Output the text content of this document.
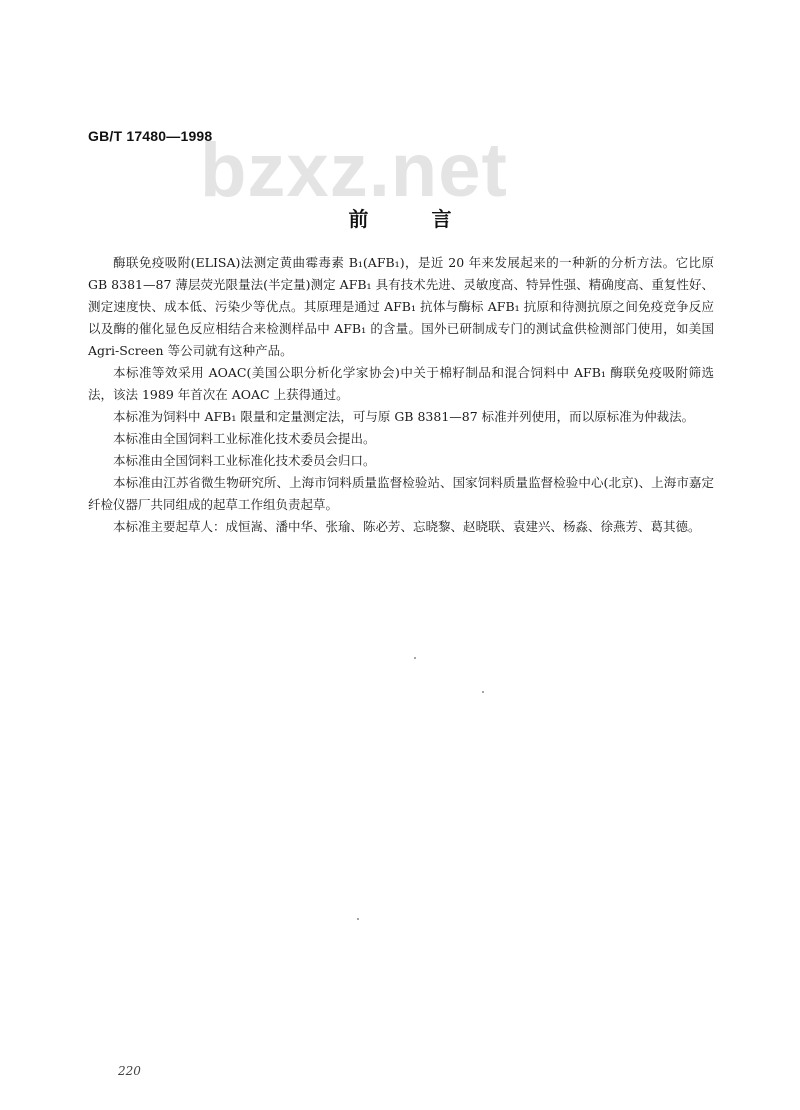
GB/T 17480—1998
bzxz.net
前 言

酶联免疫吸附(ELISA)法测定黄曲霉毒素 B₁(AFB₁)，是近 20 年来发展起来的一种新的分析方法。它比原 GB 8381—87 薄层荧光限量法(半定量)测定 AFB₁ 具有技术先进、灵敏度高、特异性强、精确度高、重复性好、测定速度快、成本低、污染少等优点。其原理是通过 AFB₁ 抗体与酶标 AFB₁ 抗原和待测抗原之间免疫竞争反应以及酶的催化显色反应相结合来检测样品中 AFB₁ 的含量。国外已研制成专门的测试盒供检测部门使用，如美国 Agri-Screen 等公司就有这种产品。

本标准等效采用 AOAC(美国公职分析化学家协会)中关于棉籽制品和混合饲料中 AFB₁ 酶联免疫吸附筛选法，该法 1989 年首次在 AOAC 上获得通过。

本标准为饲料中 AFB₁ 限量和定量测定法，可与原 GB 8381—87 标准并列使用，而以原标准为仲裁法。

本标准由全国饲料工业标准化技术委员会提出。

本标准由全国饲料工业标准化技术委员会归口。

本标准由江苏省微生物研究所、上海市饲料质量监督检验站、国家饲料质量监督检验中心(北京)、上海市嘉定纤检仪器厂共同组成的起草工作组负责起草。

本标准主要起草人：成恒嵩、潘中华、张瑜、陈必芳、忘晓黎、赵晓联、袁建兴、杨淼、徐燕芳、葛其德。

220
